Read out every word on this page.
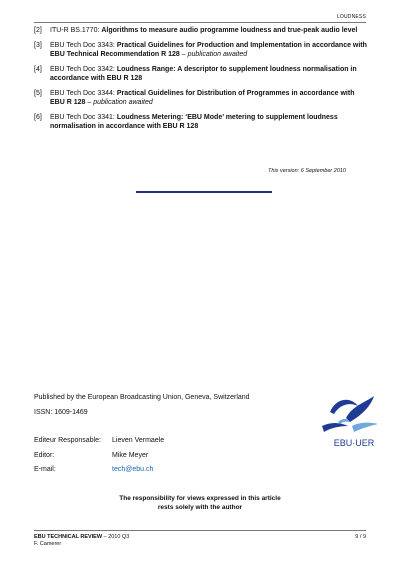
LOUDNESS
[2]	ITU-R BS.1770: Algorithms to measure audio programme loudness and true-peak audio level
[3]	EBU Tech Doc 3343: Practical Guidelines for Production and Implementation in accordance with EBU Technical Recommendation R 128 – publication awaited
[4]	EBU Tech Doc 3342: Loudness Range: A descriptor to supplement loudness normalisation in accordance with EBU R 128
[5]	EBU Tech Doc 3344: Practical Guidelines for Distribution of Programmes in accordance with EBU R 128 – publication awaited
[6]	EBU Tech Doc 3341: Loudness Metering: ‘EBU Mode’ metering to supplement loudness normalisation in accordance with EBU R 128
This version: 6 September 2010
Published by the European Broadcasting Union, Geneva, Switzerland
ISSN: 1609-1469
Editeur Responsable:	Lieven Vermaele
Editor:	Mike Meyer
E-mail:	tech@ebu.ch
EBU·UER
The responsibility for views expressed in this article
rests solely with the author
EBU TECHNICAL REVIEW – 2010 Q3
F. Camerer
9 / 9
